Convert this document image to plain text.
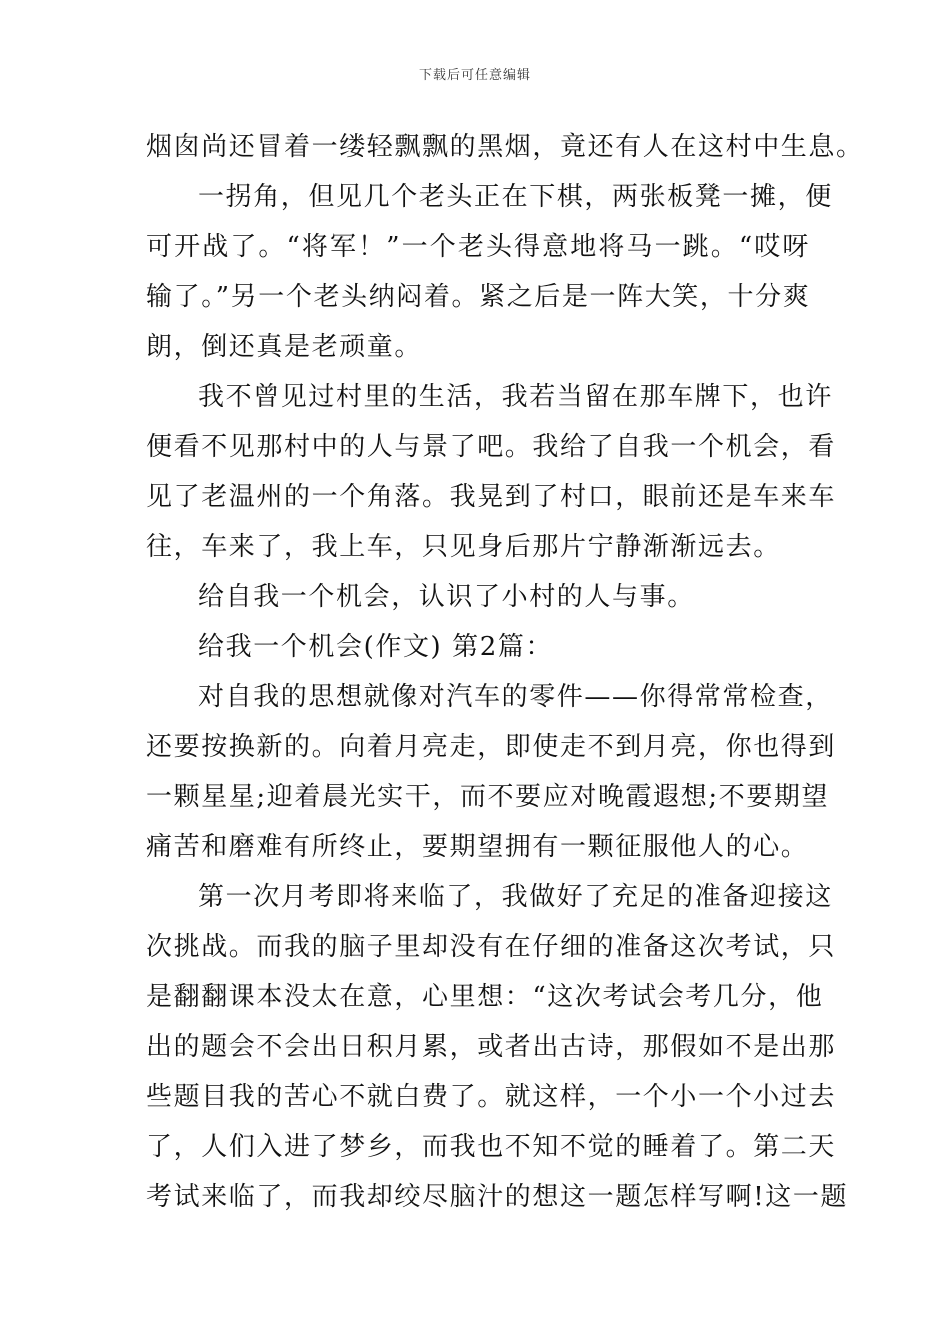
下载后可任意编辑
烟囱尚还冒着一缕轻飘飘的黑烟，竟还有人在这村中生息。
一拐角，但见几个老头正在下棋，两张板凳一摊，便
可开战了。“将军！”一个老头得意地将马一跳。“哎呀
输了。”另一个老头纳闷着。紧之后是一阵大笑，十分爽
朗，倒还真是老顽童。
我不曾见过村里的生活，我若当留在那车牌下，也许
便看不见那村中的人与景了吧。我给了自我一个机会，看
见了老温州的一个角落。我晃到了村口，眼前还是车来车
往，车来了，我上车，只见身后那片宁静渐渐远去。
给自我一个机会，认识了小村的人与事。
给我一个机会(作文) 第2篇：
对自我的思想就像对汽车的零件——你得常常检查，
还要按换新的。向着月亮走，即使走不到月亮，你也得到
一颗星星;迎着晨光实干，而不要应对晚霞遐想;不要期望
痛苦和磨难有所终止，要期望拥有一颗征服他人的心。
第一次月考即将来临了，我做好了充足的准备迎接这
次挑战。而我的脑子里却没有在仔细的准备这次考试，只
是翻翻课本没太在意，心里想：“这次考试会考几分，他
出的题会不会出日积月累，或者出古诗，那假如不是出那
些题目我的苦心不就白费了。就这样，一个小一个小过去
了，人们入进了梦乡，而我也不知不觉的睡着了。第二天
考试来临了，而我却绞尽脑汁的想这一题怎样写啊!这一题
